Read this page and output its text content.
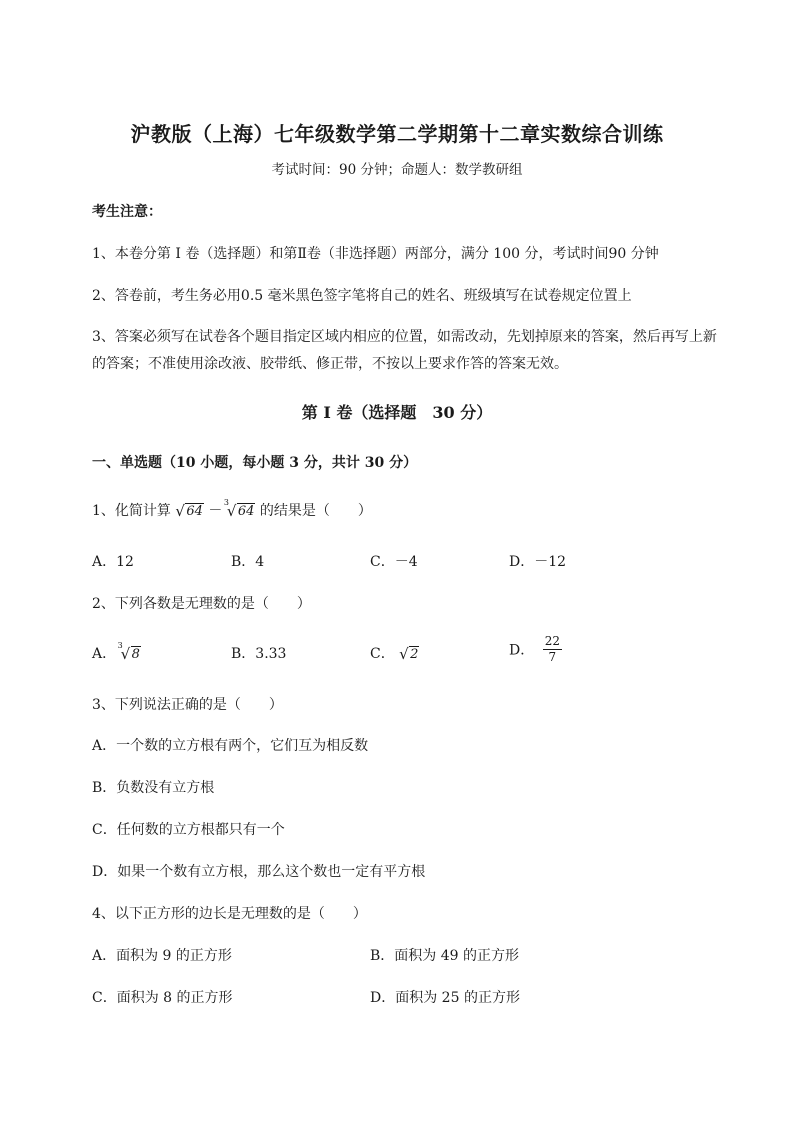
沪教版（上海）七年级数学第二学期第十二章实数综合训练
考试时间：90 分钟；命题人：数学教研组
考生注意：
1、本卷分第 I 卷（选择题）和第Ⅱ卷（非选择题）两部分，满分 100 分，考试时间90 分钟
2、答卷前，考生务必用0.5 毫米黑色签字笔将自己的姓名、班级填写在试卷规定位置上
3、答案必须写在试卷各个题目指定区域内相应的位置，如需改动，先划掉原来的答案，然后再写上新
的答案；不准使用涂改液、胶带纸、修正带，不按以上要求作答的答案无效。
第 I 卷（选择题　30 分）
一、单选题（10 小题，每小题 3 分，共计 30 分）
1、化简计算 √ 64 －
3
√ 64 的结果是（　　）
A．12	B．4	C．－4	D．－12
2、下列各数是无理数的是（　　）
A．
3
√ 8	B．3.33	C． √ 2	D． $\frac{22}{7}$
3、下列说法正确的是（　　）
A．一个数的立方根有两个，它们互为相反数
B．负数没有立方根
C．任何数的立方根都只有一个
D．如果一个数有立方根，那么这个数也一定有平方根
4、以下正方形的边长是无理数的是（　　）
A．面积为 9 的正方形	B．面积为 49 的正方形
C．面积为 8 的正方形	D．面积为 25 的正方形
